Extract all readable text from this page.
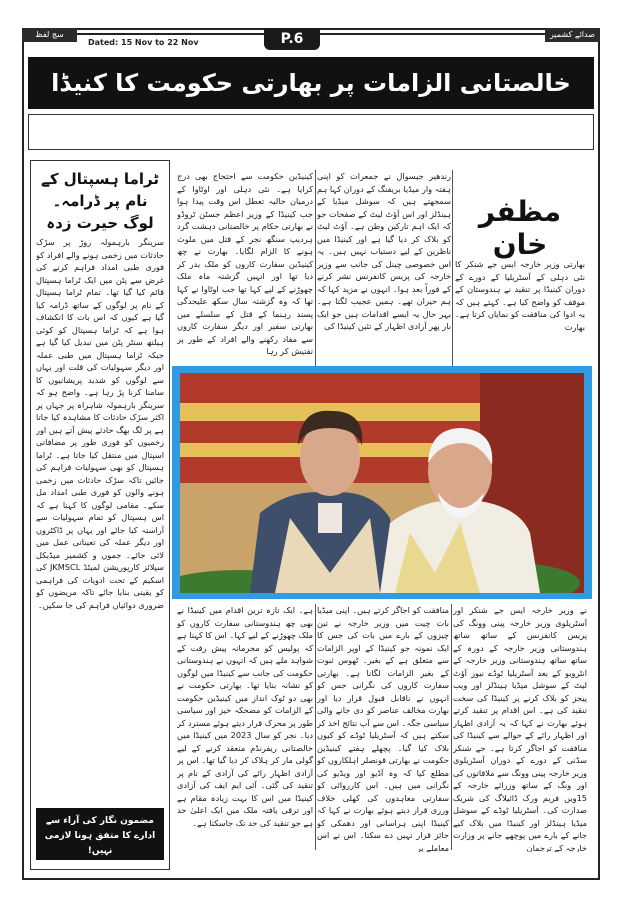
سچ لفظ	صدائے کشمیر
Dated: 15 Nov to 22 Nov	P.6
خالصتانی الزامات پر بھارتی حکومت کا کنیڈا حکومت پر تنقید
مظفر خان

بھارتی وزیر خارجہ ایس جے شنکر کا نئی دہلی کے آسٹریلیا کے دورے کے دوران کینیڈا پر تنقید نے ہندوستان کے موقف کو واضح کیا ہے۔ کہتے ہیں کہ یہ ادوا کی منافقت کو نمایاں کرتا ہے۔ بھارت

رندھیر جیسوال نے جمعرات کو اپنی ہفتہ وار میڈیا بریفنگ کے دوران کہا ہم سمجھتے ہیں کہ سوشل میڈیا کے ہینڈلز اور اس آؤٹ لیٹ کے صفحات جو کہ ایک اہم تارکین وطن ہے۔ آؤٹ لیٹ کو بلاک کر دیا گیا ہے اور کینیڈا میں ناظرین کے لیے دستیاب نہیں ہیں۔ یہ اس خصوصی چینل کی جانب سے وزیر خارجہ کی پریس کانفرنس نشر کرنے کے فوراً بعد ہوا۔ انہوں نے مزید کہا کہ ہم حیران تھے۔ ہمیں عجیب لگتا ہے۔ بہر حال یہ ایسے اقدامات ہیں جو ایک بار پھر آزادی اظہار کے تئیں کینیڈا کی

کینیڈین حکومت سے احتجاج بھی درج کرایا ہے۔ نئی دہلی اور اوٹاوا کے درمیان حالیہ تعطل اس وقت پیدا ہوا جب کینیڈا کے وزیر اعظم جسٹن ٹروڈو نے بھارتی حکام پر خالصتانی دہشت گرد ہردیپ سنگھ نجر کے قتل میں ملوث ہونے کا الزام لگایا۔ بھارت نے چھ کینیڈین سفارت کاروں کو ملک بدر کر دیا تھا اور انہیں گزشتہ ماہ ملک چھوڑنے کے لیے کہا تھا جب اوٹاوا نے کہا تھا کہ وہ گزشتہ سال سکھ علیحدگی پسند رہنما کے قتل کے سلسلے میں بھارتی سفیر اور دیگر سفارت کاروں سے مفاد رکھنے والے افراد کے طور پر تفتیش کر رہا

نے وزیر خارجہ ایس جے شنکر اور آسٹریلوی وزیر خارجہ پینی وونگ کی پریس کانفرنس کے ساتھ ساتھ ہندوستانی وزیر خارجہ کے دورہ کے ساتھ ساتھ ہندوستانی وزیر خارجہ کے انٹرویو کے بعد آسٹریلیا ٹوڈے نیوز آؤٹ لیٹ کے سوشل میڈیا ہینڈلز اور ویب پیجز کو بلاک کرنے پر کینیڈا کی سخت تنقید کی ہے۔ اس اقدام پر تنقید کرتے ہوئے بھارت نے کہا کہ یہ آزادی اظہار اور اظہار رائے کے حوالے سے کینیڈا کی منافقت کو اجاگر کرتا ہے۔ جے شنکر سڈنی کے دورے کے دوران آسٹریلوی وزیر خارجہ پینی وونگ سے ملاقاتوں کی اور ونگ کے ساتھ وزرائے خارجہ کے 15ویں فریم ورک ڈائیلاگ کی شریک صدارت کی۔ آسٹریلیا ٹوڈے کے سوشل میڈیا ہینڈلز اور کینیڈا میں بلاک کیے جانے کے بارے میں پوچھے جانے پر وزارت خارجہ کے ترجمان

منافقت کو اجاگر کرتے ہیں۔ اپنی میڈیا بات چیت میں وزیر خارجہ نے تین چیزوں کے بارے میں بات کی جس کا ایک نمونہ جو کینیڈا کے اوپر الزامات سے متعلق ہے کے بغیر۔ ٹھوس ثبوت کے بغیر الزامات لگانا ہے۔ بھارتی سفارت کاروں کی نگرانی جس کو انہوں نے ناقابل قبول قرار دیا اور بھارت مخالف عناصر کو دی جانے والی سیاسی جگہ۔ اس سے آپ نتائج اخذ کر سکتے ہیں کہ آسٹریلیا ٹوڈے کو کیوں بلاک کیا گیا۔ پچھلے ہفتے کینیڈین حکومت نے بھارتی قونصلر اہلکاروں کو مطلع کیا کہ وہ آڈیو اور ویڈیو کی نگرانی میں ہیں۔ اس کارروائی کو سفارتی معاہدوں کی کھلی خلاف ورزی قرار دیتے ہوئے بھارت نے کہا کہ کینیڈا اپنی ہراسانی اور دھمکی کو جائز قرار نہیں دے سکتا۔ اس نے اس معاملے پر

ہے۔ ایک تازہ ترین اقدام میں کینیڈا نے بھی چھ ہندوستانی سفارت کاروں کو ملک چھوڑنے کے لیے کہا۔ اس کا کہنا ہے کہ پولیس کو مجرمانہ پیش رفت کے شواہد ملے ہیں کہ انہوں نے ہندوستانی حکومت کی جانب سے کینیڈا میں لوگوں کو نشانہ بنایا تھا۔ بھارتی حکومت نے بھی دو ٹوک انداز میں کینیڈین حکومت کے الزامات کو مضحکہ خیز اور سیاسی طور پر محرک قرار دیتے ہوئے مسترد کر دیا۔ نجر کو سال 2023 میں کینیڈا میں خالصتانی ریفرنڈم منعقد کرنے کے لیے گولی مار کر ہلاک کر دیا گیا تھا۔ اس پر آزادی اظہار رائے کی آزادی کے نام پر تنقید کی گئی۔ آئی ایم ایف کی آزادی کینیڈا میں اس کا بہت زیادہ مقام ہے اور ترقی یافتہ ملک میں ایک اعلیٰ حد ہے جو تنقید کی حد تک جاسکتا ہے۔

ٹراما ہسپتال کے نام پر ڈرامہ۔ لوگ حیرت زدہ

سرینگر بارہمولہ روڑ پر سڑک حادثات میں زخمی ہونے والے افراد کو فوری طبی امداد فراہم کرنے کی غرض سے پٹن میں ایک ٹراما ہسپتال قائم کیا گیا تھا۔ تمام ٹراما ہسپتال کے نام پر لوگوں کے ساتھ ڈرامہ کیا گیا ہے کیوں کہ اس بات کا انکشاف ہوا ہے کہ ٹراما ہسپتال کو کوئی ہیلتھ سنٹر پٹن میں تبدیل کیا گیا ہے جبکہ ٹراما ہسپتال میں طبی عملہ اور دیگر سہولیات کی قلت اور یہاں سے لوگوں کو شدید پریشانیوں کا سامنا کرنا پڑ رہا ہے۔ واضح ہو کہ سرینگر بارہمولہ شاہراہ پر جہاں پر اکثر سڑک حادثات کا مشاہدہ کیا جاتا ہے پر لگ بھگ حادثے پیش آتے ہیں اور زخمیوں کو فوری طور پر مضافاتی اسپتال میں منتقل کیا جاتا ہے۔ ٹراما ہسپتال کو بھی سہولیات فراہم کی جائیں تاکہ سڑک حادثات میں زخمی ہونے والوں کو فوری طبی امداد مل سکے۔ مقامی لوگوں کا کہنا ہے کہ اس ہسپتال کو تمام سہولیات سے آراستہ کیا جائے اور یہاں پر ڈاکٹروں اور دیگر عملہ کی تعیناتی عمل میں لائی جائے۔ جموں و کشمیر میڈیکل سپلائز کارپوریشن لمیٹڈ JKMSCL کی اسکیم کے تحت ادویات کی فراہمی کو یقینی بنایا جائے تاکہ مریضوں کو ضروری دوائیاں فراہم کی جا سکیں۔

مضمون نگار کی آراء سے ادارے کا متفق ہونا لازمی نہیں!
